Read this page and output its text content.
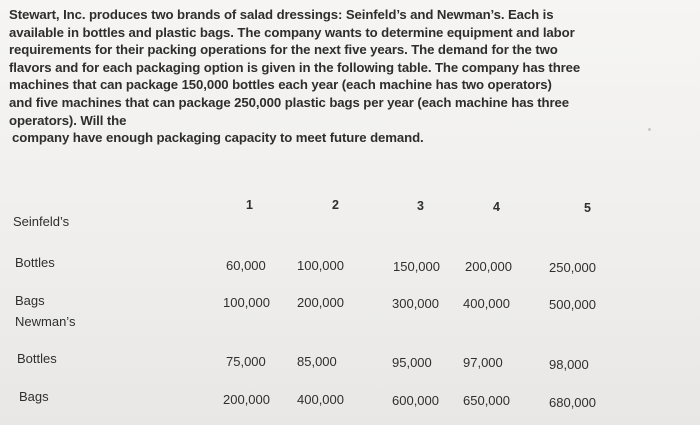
Stewart, Inc. produces two brands of salad dressings: Seinfeld’s and Newman’s. Each is
available in bottles and plastic bags. The company wants to determine equipment and labor
requirements for their packing operations for the next five years. The demand for the two
flavors and for each packaging option is given in the following table. The company has three
machines that can package 150,000 bottles each year (each machine has two operators)
and five machines that can package 250,000 plastic bags per year (each machine has three
operators). Will the
company have enough packaging capacity to meet future demand.
1	2	3	4	5
Seinfeld’s
Bottles	60,000 100,000	150,000 200,000	250,000
Bags	100,000 200,000	300,000 400,000	500,000
Newman’s
Bottles	75,000 85,000	95,000 97,000	98,000
Bags	200,000 400,000	600,000 650,000	680,000
